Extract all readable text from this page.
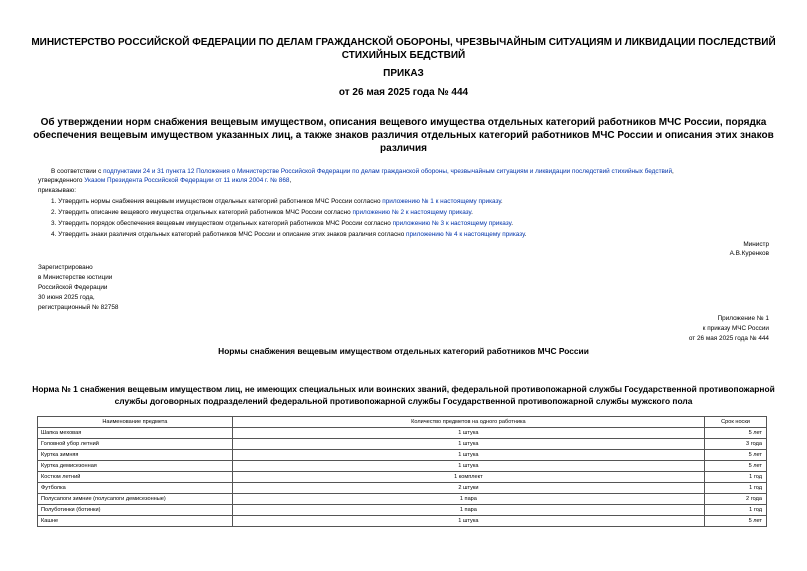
МИНИСТЕРСТВО РОССИЙСКОЙ ФЕДЕРАЦИИ ПО ДЕЛАМ ГРАЖДАНСКОЙ ОБОРОНЫ, ЧРЕЗВЫЧАЙНЫМ СИТУАЦИЯМ И ЛИКВИДАЦИИ ПОСЛЕДСТВИЙ СТИХИЙНЫХ БЕДСТВИЙ
ПРИКАЗ
от 26 мая 2025 года № 444
Об утверждении норм снабжения вещевым имуществом, описания вещевого имущества отдельных категорий работников МЧС России, порядка обеспечения вещевым имуществом указанных лиц, а также знаков различия отдельных категорий работников МЧС России и описания этих знаков различия
В соответствии с подпунктами 24 и 31 пункта 12 Положения о Министерстве Российской Федерации по делам гражданской обороны, чрезвычайным ситуациям и ликвидации последствий стихийных бедствий,
утвержденного Указом Президента Российской Федерации от 11 июля 2004 г. № 868,
приказываю:
1. Утвердить нормы снабжения вещевым имуществом отдельных категорий работников МЧС России согласно приложению № 1 к настоящему приказу.
2. Утвердить описание вещевого имущества отдельных категорий работников МЧС России согласно приложению № 2 к настоящему приказу.
3. Утвердить порядок обеспечения вещевым имуществом отдельных категорий работников МЧС России согласно приложению № 3 к настоящему приказу.
4. Утвердить знаки различия отдельных категорий работников МЧС России и описание этих знаков различия согласно приложению № 4 к настоящему приказу.
Министр
А.В.Куренков
Зарегистрировано
в Министерстве юстиции
Российской Федерации
30 июня 2025 года,
регистрационный № 82758
Приложение № 1
к приказу МЧС России
от 26 мая 2025 года № 444
Нормы снабжения вещевым имуществом отдельных категорий работников МЧС России
Норма № 1 снабжения вещевым имуществом лиц, не имеющих специальных или воинских званий, федеральной противопожарной службы Государственной противопожарной службы договорных подразделений федеральной противопожарной службы Государственной противопожарной службы мужского пола
Наименование предмета	Количество предметов на одного работника	Срок носки
Шапка меховая	1 штука	5 лет
Головной убор летний	1 штука	3 года
Куртка зимняя	1 штука	5 лет
Куртка демисезонная	1 штука	5 лет
Костюм летний	1 комплект	1 год
Футболка	2 штуки	1 год
Полусапоги зимние (полусапоги демисезонные)	1 пара	2 года
Полуботинки (ботинки)	1 пара	1 год
Кашне	1 штука	5 лет
